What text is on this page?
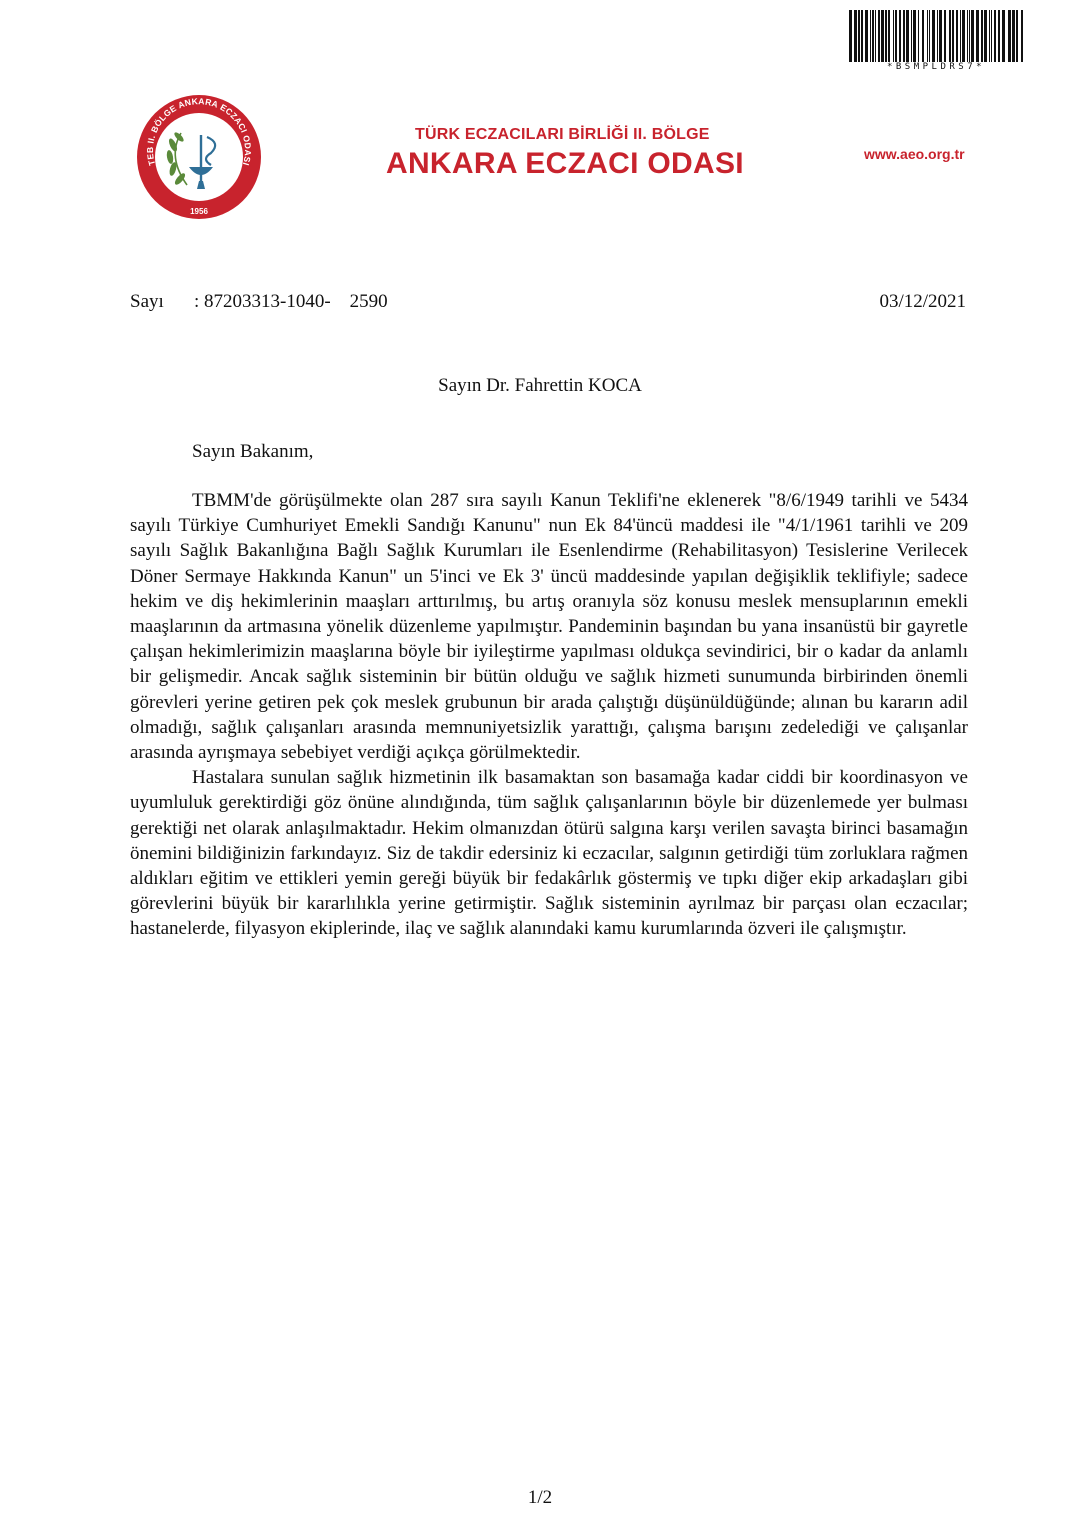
*BSMPLDRS7*
TEB II. BÖLGE ANKARA ECZACI ODASI
1956
TÜRK ECZACILARI BİRLİĞİ II. BÖLGE
ANKARA ECZACI ODASI	www.aeo.org.tr
Sayı : 87203313-1040-    2590	03/12/2021
Sayın Dr. Fahrettin KOCA
Sayın Bakanım,

TBMM'de görüşülmekte olan 287 sıra sayılı Kanun Teklifi'ne eklenerek "8/6/1949 tarihli ve 5434 sayılı Türkiye Cumhuriyet Emekli Sandığı Kanunu" nun Ek 84'üncü maddesi ile "4/1/1961 tarihli ve 209 sayılı Sağlık Bakanlığına Bağlı Sağlık Kurumları ile Esenlendirme (Rehabilitasyon) Tesislerine Verilecek Döner Sermaye Hakkında Kanun" un 5'inci ve Ek 3' üncü maddesinde yapılan değişiklik teklifiyle; sadece hekim ve diş hekimlerinin maaşları arttırılmış, bu artış oranıyla söz konusu meslek mensuplarının emekli maaşlarının da artmasına yönelik düzenleme yapılmıştır. Pandeminin başından bu yana insanüstü bir gayretle çalışan hekimlerimizin maaşlarına böyle bir iyileştirme yapılması oldukça sevindirici, bir o kadar da anlamlı bir gelişmedir. Ancak sağlık sisteminin bir bütün olduğu ve sağlık hizmeti sunumunda birbirinden önemli görevleri yerine getiren pek çok meslek grubunun bir arada çalıştığı düşünüldüğünde; alınan bu kararın adil olmadığı, sağlık çalışanları arasında memnuniyetsizlik yarattığı, çalışma barışını zedelediği ve çalışanlar arasında ayrışmaya sebebiyet verdiği açıkça görülmektedir.

Hastalara sunulan sağlık hizmetinin ilk basamaktan son basamağa kadar ciddi bir koordinasyon ve uyumluluk gerektirdiği göz önüne alındığında, tüm sağlık çalışanlarının böyle bir düzenlemede yer bulması gerektiği net olarak anlaşılmaktadır. Hekim olmanızdan ötürü salgına karşı verilen savaşta birinci basamağın önemini bildiğinizin farkındayız. Siz de takdir edersiniz ki eczacılar, salgının getirdiği tüm zorluklara rağmen aldıkları eğitim ve ettikleri yemin gereği büyük bir fedakârlık göstermiş ve tıpkı diğer ekip arkadaşları gibi görevlerini büyük bir kararlılıkla yerine getirmiştir. Sağlık sisteminin ayrılmaz bir parçası olan eczacılar; hastanelerde, filyasyon ekiplerinde, ilaç ve sağlık alanındaki kamu kurumlarında özveri ile çalışmıştır.

1/2
